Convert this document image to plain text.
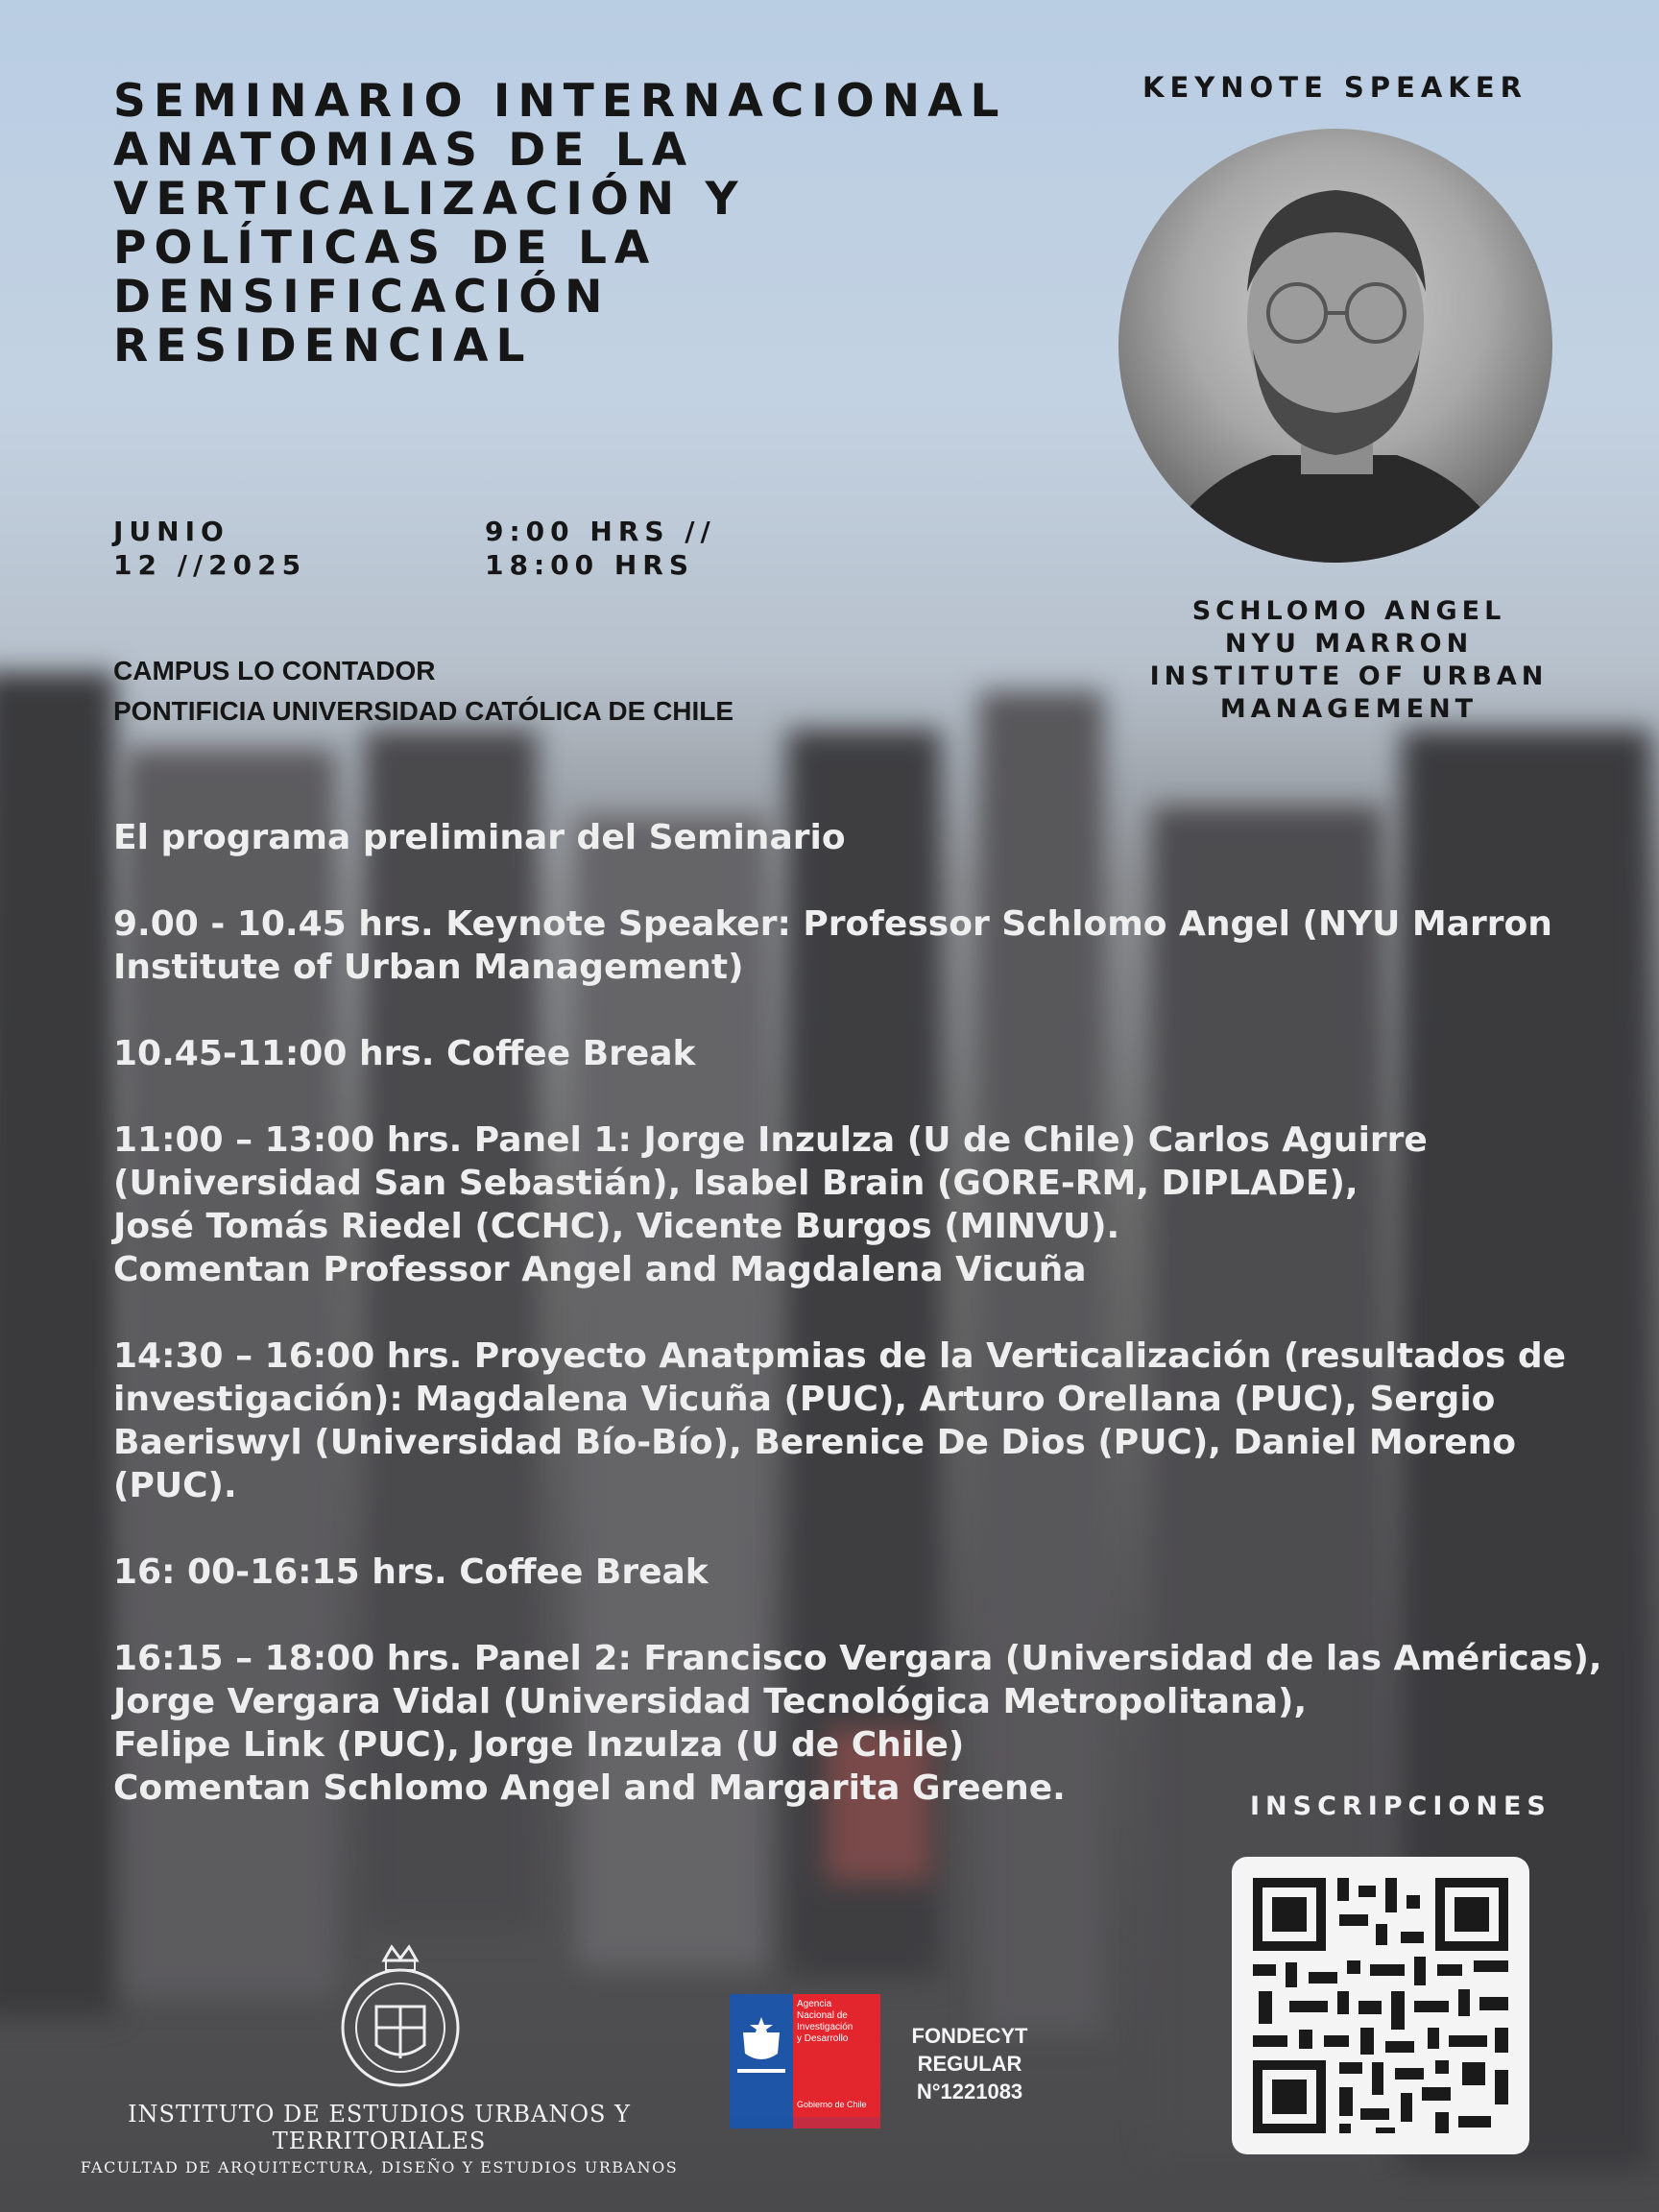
SEMINARIO INTERNACIONAL
ANATOMIAS DE LA
VERTICALIZACIÓN Y
POLÍTICAS DE LA
DENSIFICACIÓN
RESIDENCIAL
JUNIO
12 //2025
9:00 HRS //
18:00 HRS
CAMPUS LO CONTADOR
PONTIFICIA UNIVERSIDAD CATÓLICA DE CHILE
KEYNOTE SPEAKER
SCHLOMO ANGEL
NYU MARRON
INSTITUTE OF URBAN
MANAGEMENT
El programa preliminar del Seminario
9.00 - 10.45 hrs. Keynote Speaker: Professor Schlomo Angel (NYU Marron
Institute of Urban Management)
10.45-11:00 hrs. Coffee Break
11:00 – 13:00 hrs. Panel 1: Jorge Inzulza (U de Chile) Carlos Aguirre
(Universidad San Sebastián), Isabel Brain (GORE-RM, DIPLADE),
José Tomás Riedel (CCHC), Vicente Burgos (MINVU).
Comentan Professor Angel and Magdalena Vicuña
14:30 – 16:00 hrs. Proyecto Anatpmias de la Verticalización (resultados de
investigación): Magdalena Vicuña (PUC), Arturo Orellana (PUC), Sergio
Baeriswyl (Universidad Bío-Bío), Berenice De Dios (PUC), Daniel Moreno
(PUC).
16: 00-16:15 hrs. Coffee Break
16:15 – 18:00 hrs. Panel 2: Francisco Vergara (Universidad de las Américas),
Jorge Vergara Vidal (Universidad Tecnológica Metropolitana),
Felipe Link (PUC), Jorge Inzulza (U de Chile)
Comentan Schlomo Angel and Margarita Greene.	INSCRIPCIONES
INSTITUTO DE ESTUDIOS URBANOS Y TERRITORIALES
FACULTAD DE ARQUITECTURA, DISEÑO Y ESTUDIOS URBANOS
Agencia
Nacional de
Investigación
y Desarrollo
Gobierno de Chile
FONDECYT
REGULAR
N°1221083
